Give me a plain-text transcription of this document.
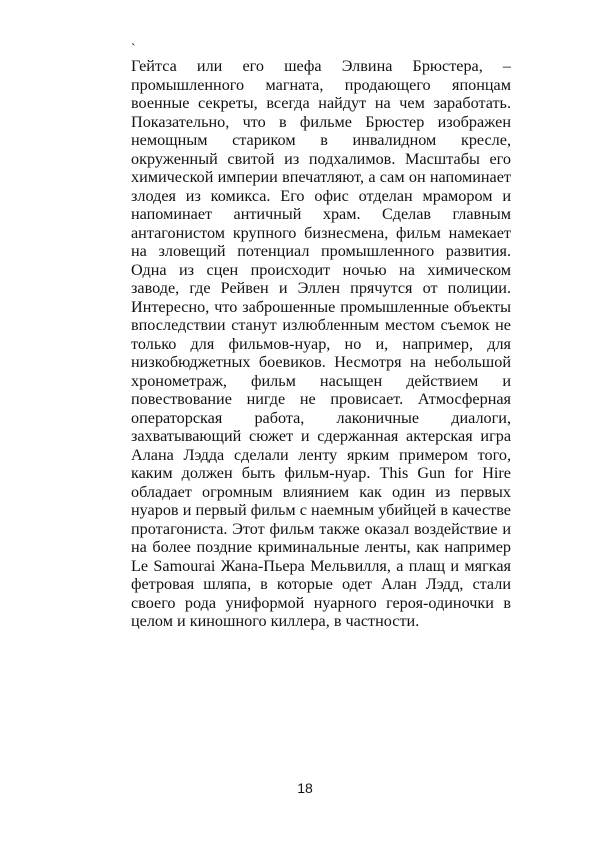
`

Гейтса или его шефа Элвина Брюстера, – промышленного магната, продающего японцам военные секреты, всегда найдут на чем заработать. Показательно, что в фильме Брюстер изображен немощным стариком в инвалидном кресле, окруженный свитой из подхалимов. Масштабы его химической империи впечатляют, а сам он напоминает злодея из комикса. Его офис отделан мрамором и напоминает античный храм. Сделав главным антагонистом крупного бизнесмена, фильм намекает на зловещий потенциал промышленного развития. Одна из сцен происходит ночью на химическом заводе, где Рейвен и Эллен прячутся от полиции. Интересно, что заброшенные промышленные объекты впоследствии станут излюбленным местом съемок не только для фильмов-нуар, но и, например, для низкобюджетных боевиков. Несмотря на небольшой хронометраж, фильм насыщен действием и повествование нигде не провисает. Атмосферная операторская работа, лаконичные диалоги, захватывающий сюжет и сдержанная актерская игра Алана Лэдда сделали ленту ярким примером того, каким должен быть фильм-нуар. This Gun for Hire обладает огромным влиянием как один из первых нуаров и первый фильм с наемным убийцей в качестве протагониста. Этот фильм также оказал воздействие и на более поздние криминальные ленты, как например Le Samourai Жана-Пьера Мельвилля, а плащ и мягкая фетровая шляпа, в которые одет Алан Лэдд, стали своего рода униформой нуарного героя-одиночки в целом и киношного киллера, в частности.

18
